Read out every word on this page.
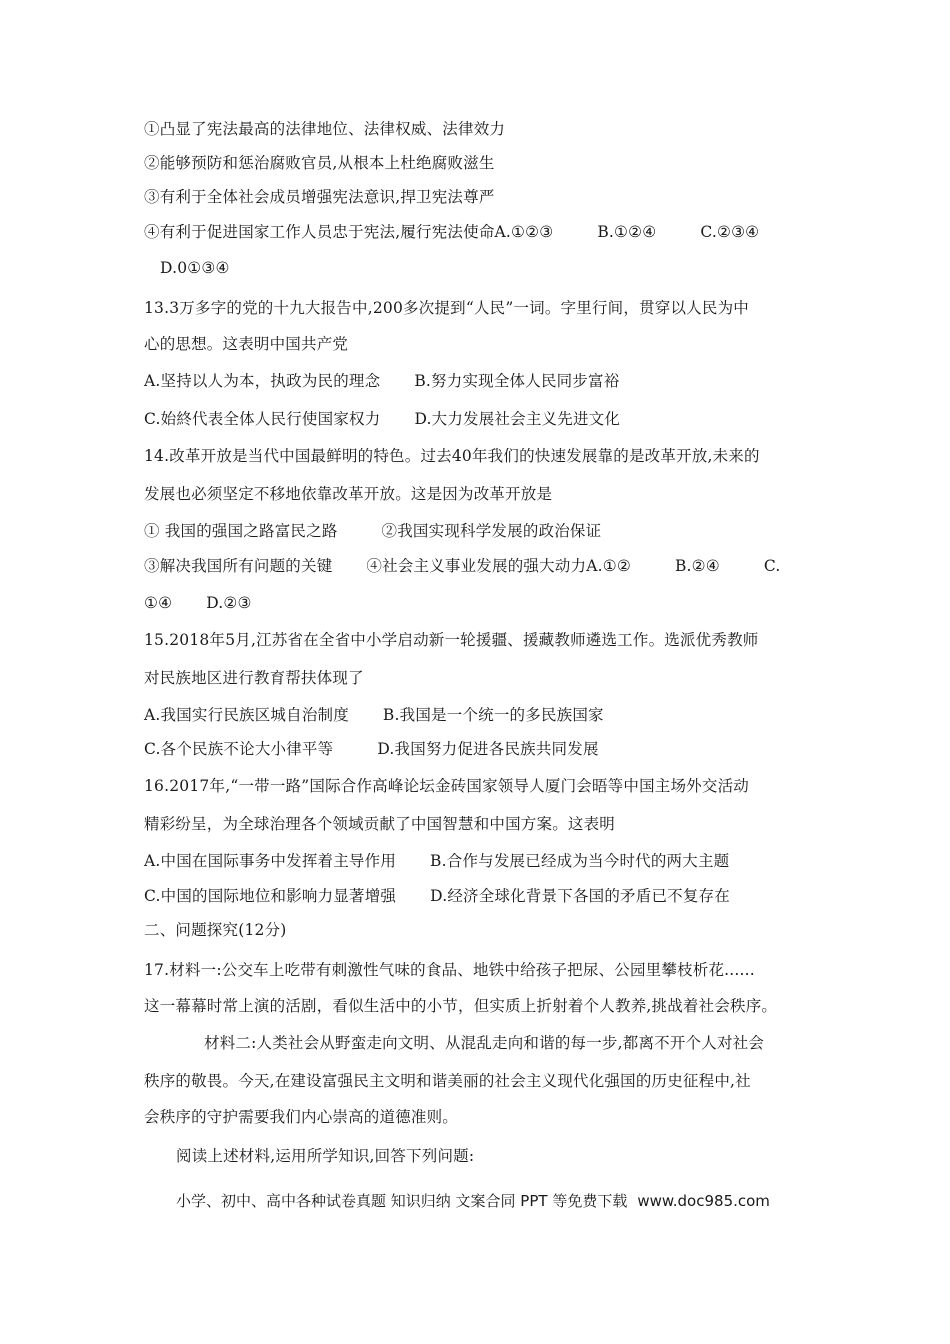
①凸显了宪法最高的法律地位、法律权威、法律效力
②能够预防和惩治腐败官员,从根本上杜绝腐败滋生
③有利于全体社会成员增强宪法意识,捍卫宪法尊严
④有利于促进国家工作人员忠于宪法,履行宪法使命A.①②③	B.①②④	C.②③④
D.0①③④
13.3万多字的党的十九大报告中,200多次提到“人民”一词。字里行间，贯穿以人民为中
心的思想。这表明中国共产党
A.坚持以人为本，执政为民的理念 B.努力实现全体人民同步富裕
C.始終代表全体人民行使国家权力 D.大力发展社会主义先进文化
14.改革开放是当代中国最鲜明的特色。过去40年我们的快速发展靠的是改革开放,未来的
发展也必须坚定不移地依靠改革开放。这是因为改革开放是
① 我国的强国之路富民之路	②我国实现科学发展的政治保证
③解决我国所有问题的关键 ④社会主义事业发展的强大动力A.①②	B.②④	C.
①④ D.②③
15.2018年5月,江苏省在全省中小学启动新一轮援疆、援藏教师遴选工作。选派优秀教师
对民族地区进行教育帮扶体现了
A.我国实行民族区城自治制度 B.我国是一个统一的多民族国家
C.各个民族不论大小律平等	D.我国努力促进各民族共同发展
16.2017年,“一带一路”国际合作高峰论坛金砖国家领导人厦门会晤等中国主场外交活动
精彩纷呈，为全球治理各个领域贡献了中国智慧和中国方案。这表明
A.中国在国际事务中发挥着主导作用 B.合作与发展已经成为当今时代的两大主题
C.中国的国际地位和影响力显著增强 D.经济全球化背景下各国的矛盾已不复存在
二、问题探究(12分)
17.材料一:公交车上吃带有刺激性气味的食品、地铁中给孩子把尿、公园里攀枝析花......
这一幕幕时常上演的活剧，看似生活中的小节，但实质上折射着个人教养,挑战着社会秩序。
材料二:人类社会从野蛮走向文明、从混乱走向和谐的每一步,都离不开个人对社会
秩序的敬畏。今天,在建设富强民主文明和谐美丽的社会主义现代化强国的历史征程中,社
会秩序的守护需要我们内心崇高的道德准则。
阅读上述材料,运用所学知识,回答下列问题:
小学、初中、高中各种试卷真题 知识归纳 文案合同 PPT 等免费下载 www.doc985.com
